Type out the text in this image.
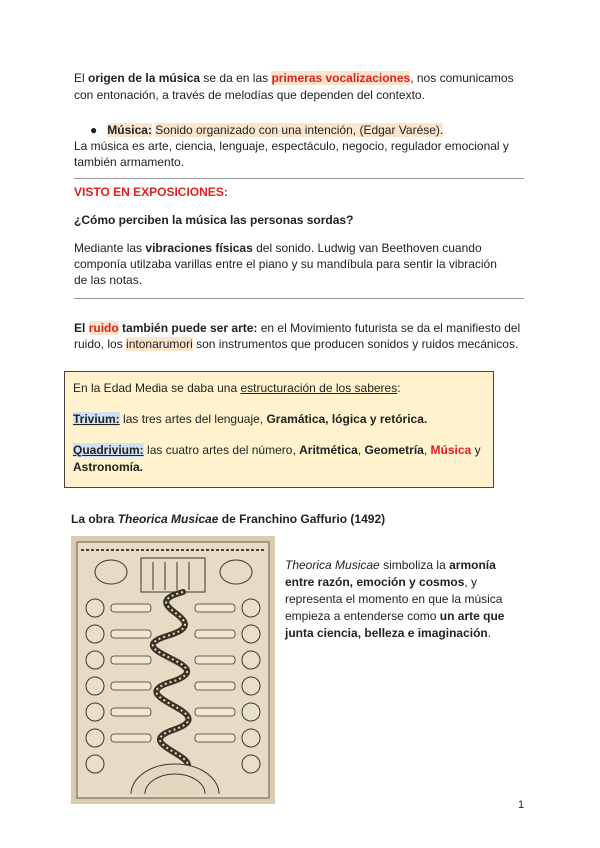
El origen de la música se da en las primeras vocalizaciones, nos comunicamos

con entonación, a través de melodías que dependen del contexto.

● Música: Sonido organizado con una intención, (Edgar Varése).

La música es arte, ciencia, lenguaje, espectáculo, negocio, regulador emocional y

también armamento.

VISTO EN EXPOSICIONES:

¿Cómo perciben la música las personas sordas?

Mediante las vibraciones físicas del sonido. Ludwig van Beethoven cuando

componía utilzaba varillas entre el piano y su mandíbula para sentir la vibración

de las notas.

El ruido también puede ser arte: en el Movimiento futurista se da el manifiesto del

ruido, los intonarumori son instrumentos que producen sonidos y ruidos mecánicos.

En la Edad Media se daba una estructuración de los saberes:

Trivium: las tres artes del lenguaje, Gramática, lógica y retórica.

Quadrivium: las cuatro artes del número, Aritmética, Geometría, Música y
Astronomía.

La obra Theorica Musicae de Franchino Gaffurio (1492)

Theorica Musicae simboliza la armonía

entre razón, emoción y cosmos, y

representa el momento en que la música

empieza a entenderse como un arte que

junta ciencia, belleza e imaginación.

1
